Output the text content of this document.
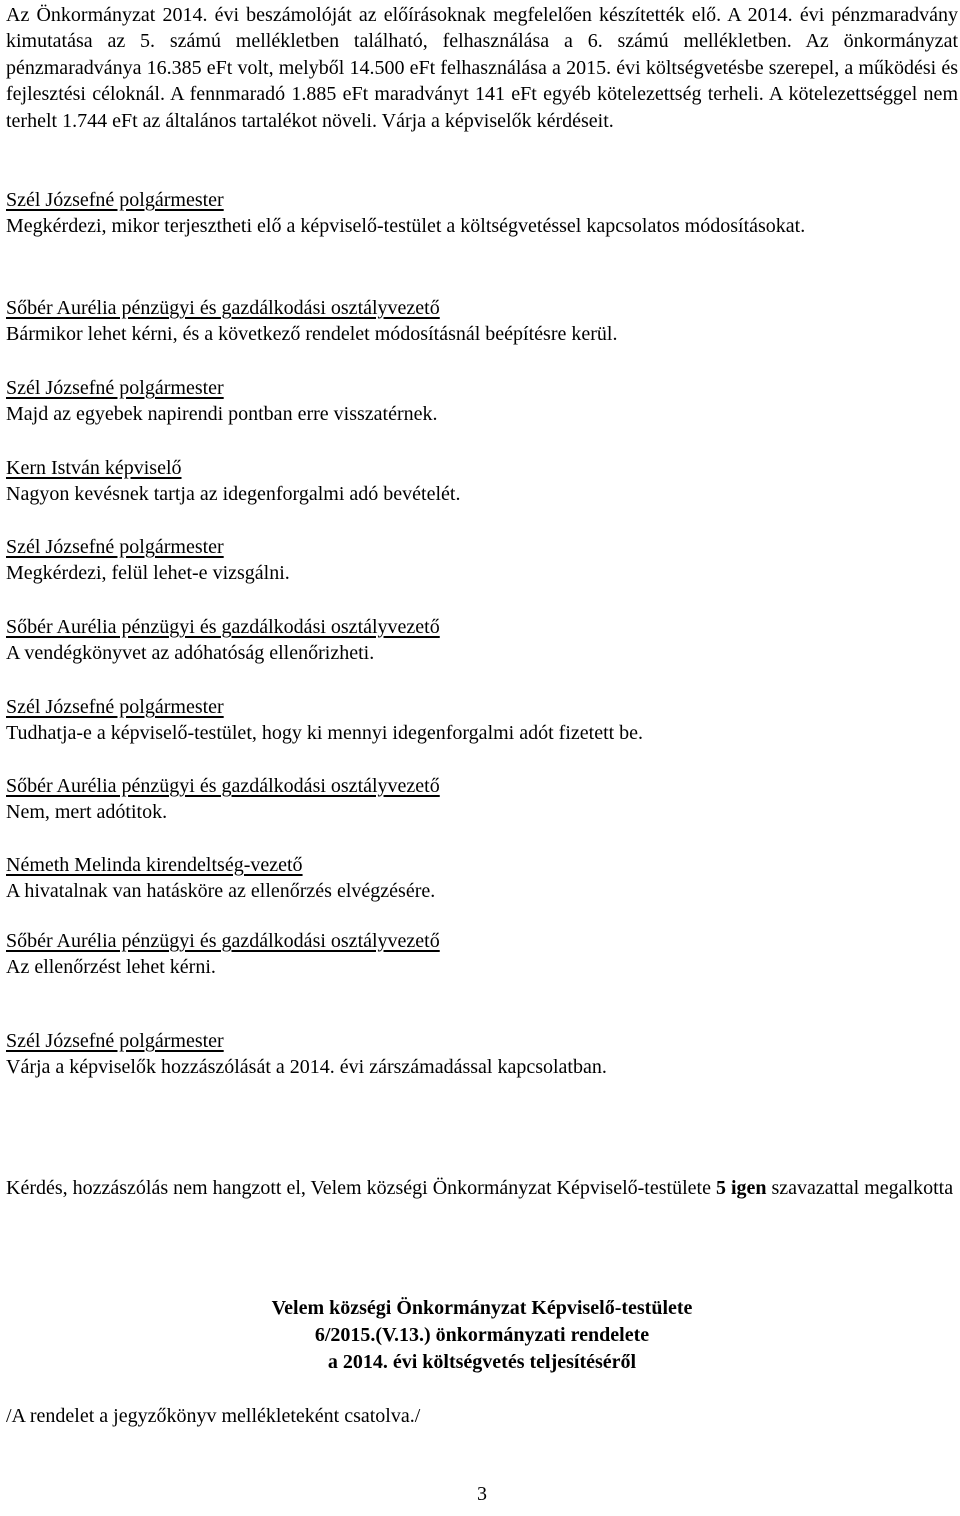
Az Önkormányzat 2014. évi beszámolóját az előírásoknak megfelelően készítették elő. A 2014. évi pénzmaradvány kimutatása az 5. számú mellékletben található, felhasználása a 6. számú mellékletben. Az önkormányzat pénzmaradványa 16.385 eFt volt, melyből 14.500 eFt felhasználása a 2015. évi költségvetésbe szerepel, a működési és fejlesztési céloknál. A fennmaradó 1.885 eFt maradványt 141 eFt egyéb kötelezettség terheli. A kötelezettséggel nem terhelt 1.744 eFt az általános tartalékot növeli. Várja a képviselők kérdéseit.
Szél Józsefné polgármester
Megkérdezi, mikor terjesztheti elő a képviselő-testület a költségvetéssel kapcsolatos módosításokat.
Sőbér Aurélia pénzügyi és gazdálkodási osztályvezető
Bármikor lehet kérni, és a következő rendelet módosításnál beépítésre kerül.
Szél Józsefné polgármester
Majd az egyebek napirendi pontban erre visszatérnek.
Kern István képviselő
Nagyon kevésnek tartja az idegenforgalmi adó bevételét.
Szél Józsefné polgármester
Megkérdezi, felül lehet-e vizsgálni.
Sőbér Aurélia pénzügyi és gazdálkodási osztályvezető
A vendégkönyvet az adóhatóság ellenőrizheti.
Szél Józsefné polgármester
Tudhatja-e a képviselő-testület, hogy ki mennyi idegenforgalmi adót fizetett be.
Sőbér Aurélia pénzügyi és gazdálkodási osztályvezető
Nem, mert adótitok.
Németh Melinda kirendeltség-vezető
A hivatalnak van hatásköre az ellenőrzés elvégzésére.
Sőbér Aurélia pénzügyi és gazdálkodási osztályvezető
Az ellenőrzést lehet kérni.
Szél Józsefné polgármester
Várja a képviselők hozzászólását a 2014. évi zárszámadással kapcsolatban.
Kérdés, hozzászólás nem hangzott el, Velem községi Önkormányzat Képviselő-testülete 5 igen szavazattal megalkotta
Velem községi Önkormányzat Képviselő-testülete
6/2015.(V.13.) önkormányzati rendelete
a 2014. évi költségvetés teljesítéséről
/A rendelet a jegyzőkönyv mellékleteként csatolva./
3
